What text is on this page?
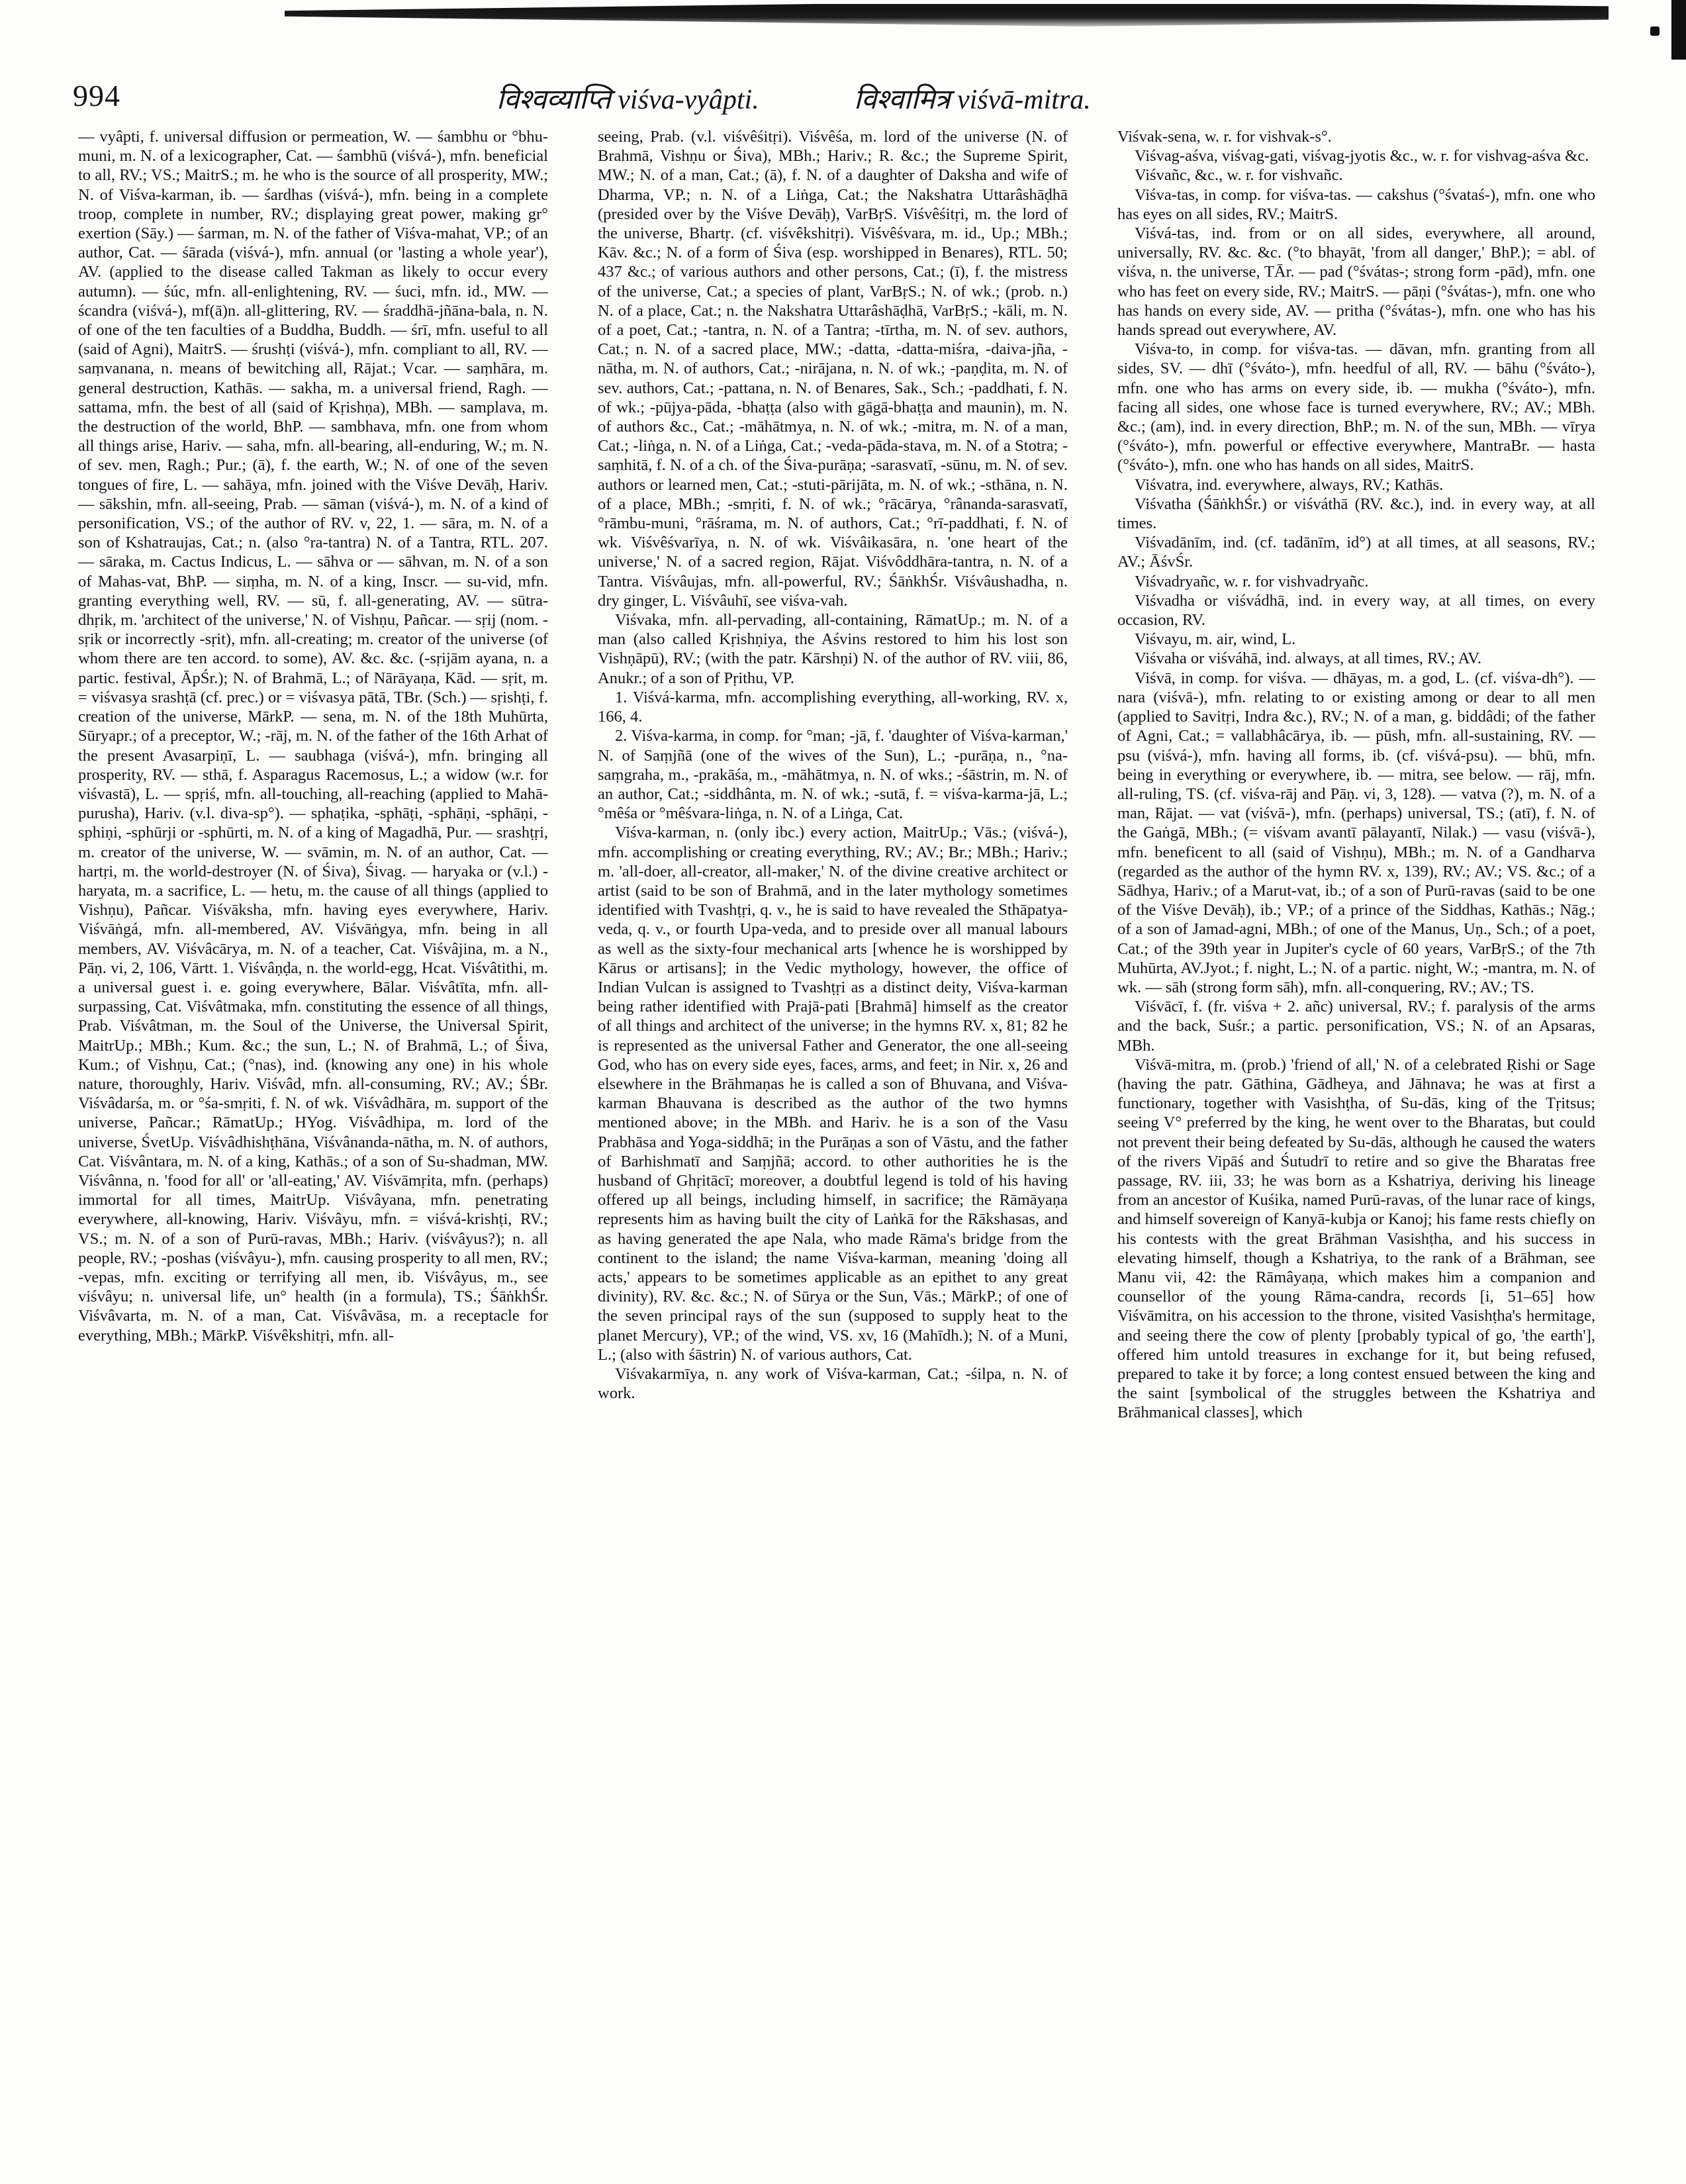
994	विश्वव्याप्ति viśva-vyâpti.	विश्वामित्र viśvā-mitra.

— vyâpti, f. universal diffusion or permeation, W. — śambhu or °bhu-muni, m. N. of a lexicographer, Cat. — śambhū (viśvá-), mfn. beneficial to all, RV.; VS.; MaitrS.; m. he who is the source of all prosperity, MW.; N. of Viśva-karman, ib. — śardhas (viśvá-), mfn. being in a complete troop, complete in number, RV.; displaying great power, making gr° exertion (Sāy.) — śarman, m. N. of the father of Viśva-mahat, VP.; of an author, Cat. — śārada (viśvá-), mfn. annual (or 'lasting a whole year'), AV. (applied to the disease called Takman as likely to occur every autumn). — śúc, mfn. all-enlightening, RV. — śuci, mfn. id., MW. — ścandra (viśvá-), mf(ā)n. all-glittering, RV. — śraddhā-jñāna-bala, n. N. of one of the ten faculties of a Buddha, Buddh. — śrī, mfn. useful to all (said of Agni), MaitrS. — śrushṭi (viśvá-), mfn. compliant to all, RV. — saṃvanana, n. means of bewitching all, Rājat.; Vcar. — saṃhāra, m. general destruction, Kathās. — sakha, m. a universal friend, Ragh. — sattama, mfn. the best of all (said of Kṛishṇa), MBh. — samplava, m. the destruction of the world, BhP. — sambhava, mfn. one from whom all things arise, Hariv. — saha, mfn. all-bearing, all-enduring, W.; m. N. of sev. men, Ragh.; Pur.; (ā), f. the earth, W.; N. of one of the seven tongues of fire, L. — sahāya, mfn. joined with the Viśve Devāḥ, Hariv. — sākshin, mfn. all-seeing, Prab. — sāman (viśvá-), m. N. of a kind of personification, VS.; of the author of RV. v, 22, 1. — sāra, m. N. of a son of Kshatraujas, Cat.; n. (also °ra-tantra) N. of a Tantra, RTL. 207. — sāraka, m. Cactus Indicus, L. — sāhva or — sāhvan, m. N. of a son of Mahas-vat, BhP. — siṃha, m. N. of a king, Inscr. — su-vid, mfn. granting everything well, RV. — sū, f. all-generating, AV. — sūtra-dhṛik, m. 'architect of the universe,' N. of Vishṇu, Pañcar. — sṛij (nom. -sṛik or incorrectly -sṛit), mfn. all-creating; m. creator of the universe (of whom there are ten accord. to some), AV. &c. &c. (-sṛijām ayana, n. a partic. festival, ĀpŚr.); N. of Brahmā, L.; of Nārāyaṇa, Kād. — sṛit, m. = viśvasya srashṭā (cf. prec.) or = viśvasya pātā, TBr. (Sch.) — sṛishṭi, f. creation of the universe, MārkP. — sena, m. N. of the 18th Muhūrta, Sūryapr.; of a preceptor, W.; -rāj, m. N. of the father of the 16th Arhat of the present Avasarpiṇī, L. — saubhaga (viśvá-), mfn. bringing all prosperity, RV. — sthā, f. Asparagus Racemosus, L.; a widow (w.r. for viśvastā), L. — spṛiś, mfn. all-touching, all-reaching (applied to Mahā-purusha), Hariv. (v.l. diva-sp°). — sphaṭika, -sphāṭi, -sphāṇi, -sphāṇi, -sphiṇi, -sphūrji or -sphūrti, m. N. of a king of Magadhā, Pur. — srashṭṛi, m. creator of the universe, W. — svāmin, m. N. of an author, Cat. — hartṛi, m. the world-destroyer (N. of Śiva), Śivag. — haryaka or (v.l.) -haryata, m. a sacrifice, L. — hetu, m. the cause of all things (applied to Vishṇu), Pañcar. Viśvāksha, mfn. having eyes everywhere, Hariv. Viśvāṅgá, mfn. all-membered, AV. Viśvāṅgya, mfn. being in all members, AV. Viśvâcārya, m. N. of a teacher, Cat. Viśvâjina, m. a N., Pāṇ. vi, 2, 106, Vārtt. 1. Viśvâṇḍa, n. the world-egg, Hcat. Viśvâtithi, m. a universal guest i. e. going everywhere, Bālar. Viśvâtīta, mfn. all-surpassing, Cat. Viśvâtmaka, mfn. constituting the essence of all things, Prab. Viśvâtman, m. the Soul of the Universe, the Universal Spirit, MaitrUp.; MBh.; Kum. &c.; the sun, L.; N. of Brahmā, L.; of Śiva, Kum.; of Vishṇu, Cat.; (°nas), ind. (knowing any one) in his whole nature, thoroughly, Hariv. Viśvâd, mfn. all-consuming, RV.; AV.; ŚBr. Viśvâdarśa, m. or °śa-smṛiti, f. N. of wk. Viśvâdhāra, m. support of the universe, Pañcar.; RāmatUp.; HYog. Viśvâdhipa, m. lord of the universe, ŚvetUp. Viśvâdhishṭhāna, Viśvânanda-nātha, m. N. of authors, Cat. Viśvântara, m. N. of a king, Kathās.; of a son of Su-shadman, MW. Viśvânna, n. 'food for all' or 'all-eating,' AV. Viśvāmṛita, mfn. (perhaps) immortal for all times, MaitrUp. Viśvâyana, mfn. penetrating everywhere, all-knowing, Hariv. Viśvâyu, mfn. = viśvá-krishṭi, RV.; VS.; m. N. of a son of Purū-ravas, MBh.; Hariv. (viśvâyus?); n. all people, RV.; -poshas (viśvâyu-), mfn. causing prosperity to all men, RV.; -vepas, mfn. exciting or terrifying all men, ib. Viśvâyus, m., see viśvâyu; n. universal life, un° health (in a formula), TS.; ŚāṅkhŚr. Viśvâvarta, m. N. of a man, Cat. Viśvâvāsa, m. a receptacle for everything, MBh.; MārkP. Viśvêkshitṛi, mfn. all-

seeing, Prab. (v.l. viśvêśitṛi). Viśvêśa, m. lord of the universe (N. of Brahmā, Vishṇu or Śiva), MBh.; Hariv.; R. &c.; the Supreme Spirit, MW.; N. of a man, Cat.; (ā), f. N. of a daughter of Daksha and wife of Dharma, VP.; n. N. of a Liṅga, Cat.; the Nakshatra Uttarâshāḍhā (presided over by the Viśve Devāḥ), VarBṛS. Viśvêśitṛi, m. the lord of the universe, Bhartṛ. (cf. viśvêkshitṛi). Viśvêśvara, m. id., Up.; MBh.; Kāv. &c.; N. of a form of Śiva (esp. worshipped in Benares), RTL. 50; 437 &c.; of various authors and other persons, Cat.; (ī), f. the mistress of the universe, Cat.; a species of plant, VarBṛS.; N. of wk.; (prob. n.) N. of a place, Cat.; n. the Nakshatra Uttarâshāḍhā, VarBṛS.; -kāli, m. N. of a poet, Cat.; -tantra, n. N. of a Tantra; -tīrtha, m. N. of sev. authors, Cat.; n. N. of a sacred place, MW.; -datta, -datta-miśra, -daiva-jña, -nātha, m. N. of authors, Cat.; -nirājana, n. N. of wk.; -paṇḍita, m. N. of sev. authors, Cat.; -pattana, n. N. of Benares, Sak., Sch.; -paddhati, f. N. of wk.; -pūjya-pāda, -bhaṭṭa (also with gāgā-bhaṭṭa and maunin), m. N. of authors &c., Cat.; -māhātmya, n. N. of wk.; -mitra, m. N. of a man, Cat.; -liṅga, n. N. of a Liṅga, Cat.; -veda-pāda-stava, m. N. of a Stotra; -saṃhitā, f. N. of a ch. of the Śiva-purāṇa; -sarasvatī, -sūnu, m. N. of sev. authors or learned men, Cat.; -stuti-pārijāta, m. N. of wk.; -sthāna, n. N. of a place, MBh.; -smṛiti, f. N. of wk.; °rācārya, °rânanda-sarasvatī, °rāmbu-muni, °rāśrama, m. N. of authors, Cat.; °rī-paddhati, f. N. of wk. Viśvêśvarīya, n. N. of wk. Viśvâikasāra, n. 'one heart of the universe,' N. of a sacred region, Rājat. Viśvôddhāra-tantra, n. N. of a Tantra. Viśvâujas, mfn. all-powerful, RV.; ŚāṅkhŚr. Viśvâushadha, n. dry ginger, L. Viśvâuhī, see viśva-vah.

Viśvaka, mfn. all-pervading, all-containing, RāmatUp.; m. N. of a man (also called Kṛishṇiya, the Aśvins restored to him his lost son Vishṇāpū), RV.; (with the patr. Kārshṇi) N. of the author of RV. viii, 86, Anukr.; of a son of Pṛithu, VP.

1. Viśvá-karma, mfn. accomplishing everything, all-working, RV. x, 166, 4.

2. Viśva-karma, in comp. for °man; -jā, f. 'daughter of Viśva-karman,' N. of Saṃjñā (one of the wives of the Sun), L.; -purāṇa, n., °na-saṃgraha, m., -prakāśa, m., -māhātmya, n. N. of wks.; -śāstrin, m. N. of an author, Cat.; -siddhânta, m. N. of wk.; -sutā, f. = viśva-karma-jā, L.; °mêśa or °mêśvara-liṅga, n. N. of a Liṅga, Cat.

Viśva-karman, n. (only ibc.) every action, MaitrUp.; Vās.; (viśvá-), mfn. accomplishing or creating everything, RV.; AV.; Br.; MBh.; Hariv.; m. 'all-doer, all-creator, all-maker,' N. of the divine creative architect or artist (said to be son of Brahmā, and in the later mythology sometimes identified with Tvashṭṛi, q. v., he is said to have revealed the Sthāpatya-veda, q. v., or fourth Upa-veda, and to preside over all manual labours as well as the sixty-four mechanical arts [whence he is worshipped by Kārus or artisans]; in the Vedic mythology, however, the office of Indian Vulcan is assigned to Tvashṭṛi as a distinct deity, Viśva-karman being rather identified with Prajā-pati [Brahmā] himself as the creator of all things and architect of the universe; in the hymns RV. x, 81; 82 he is represented as the universal Father and Generator, the one all-seeing God, who has on every side eyes, faces, arms, and feet; in Nir. x, 26 and elsewhere in the Brāhmaṇas he is called a son of Bhuvana, and Viśva-karman Bhauvana is described as the author of the two hymns mentioned above; in the MBh. and Hariv. he is a son of the Vasu Prabhāsa and Yoga-siddhā; in the Purāṇas a son of Vāstu, and the father of Barhishmatī and Saṃjñā; accord. to other authorities he is the husband of Ghṛitācī; moreover, a doubtful legend is told of his having offered up all beings, including himself, in sacrifice; the Rāmāyaṇa represents him as having built the city of Laṅkā for the Rākshasas, and as having generated the ape Nala, who made Rāma's bridge from the continent to the island; the name Viśva-karman, meaning 'doing all acts,' appears to be sometimes applicable as an epithet to any great divinity), RV. &c. &c.; N. of Sūrya or the Sun, Vās.; MārkP.; of one of the seven principal rays of the sun (supposed to supply heat to the planet Mercury), VP.; of the wind, VS. xv, 16 (Mahīdh.); N. of a Muni, L.; (also with śāstrin) N. of various authors, Cat.

Viśvakarmīya, n. any work of Viśva-karman, Cat.; -śilpa, n. N. of work.

Viśvak-sena, w. r. for vishvak-s°.

Viśvag-aśva, viśvag-gati, viśvag-jyotis &c., w. r. for vishvag-aśva &c.

Viśvañc, &c., w. r. for vishvañc.

Viśva-tas, in comp. for viśva-tas. — cakshus (°śvataś-), mfn. one who has eyes on all sides, RV.; MaitrS.

Viśvá-tas, ind. from or on all sides, everywhere, all around, universally, RV. &c. &c. (°to bhayāt, 'from all danger,' BhP.); = abl. of viśva, n. the universe, TĀr. — pad (°śvátas-; strong form -pād), mfn. one who has feet on every side, RV.; MaitrS. — pāṇi (°śvátas-), mfn. one who has hands on every side, AV. — pritha (°śvátas-), mfn. one who has his hands spread out everywhere, AV.

Viśva-to, in comp. for viśva-tas. — dāvan, mfn. granting from all sides, SV. — dhī (°śváto-), mfn. heedful of all, RV. — bāhu (°śváto-), mfn. one who has arms on every side, ib. — mukha (°śváto-), mfn. facing all sides, one whose face is turned everywhere, RV.; AV.; MBh. &c.; (am), ind. in every direction, BhP.; m. N. of the sun, MBh. — vīrya (°śváto-), mfn. powerful or effective everywhere, MantraBr. — hasta (°śváto-), mfn. one who has hands on all sides, MaitrS.

Viśvatra, ind. everywhere, always, RV.; Kathās.

Viśvatha (ŚāṅkhŚr.) or viśváthā (RV. &c.), ind. in every way, at all times.

Viśvadānīm, ind. (cf. tadānīm, id°) at all times, at all seasons, RV.; AV.; ĀśvŚr.

Viśvadryañc, w. r. for vishvadryañc.

Viśvadha or viśvádhā, ind. in every way, at all times, on every occasion, RV.

Viśvayu, m. air, wind, L.

Viśvaha or viśváhā, ind. always, at all times, RV.; AV.

Viśvā, in comp. for viśva. — dhāyas, m. a god, L. (cf. viśva-dh°). — nara (viśvā-), mfn. relating to or existing among or dear to all men (applied to Savitṛi, Indra &c.), RV.; N. of a man, g. biddâdi; of the father of Agni, Cat.; = vallabhâcārya, ib. — pūsh, mfn. all-sustaining, RV. — psu (viśvá-), mfn. having all forms, ib. (cf. viśvá-psu). — bhū, mfn. being in everything or everywhere, ib. — mitra, see below. — rāj, mfn. all-ruling, TS. (cf. viśva-rāj and Pāṇ. vi, 3, 128). — vatva (?), m. N. of a man, Rājat. — vat (viśvā-), mfn. (perhaps) universal, TS.; (atī), f. N. of the Gaṅgā, MBh.; (= viśvam avantī pālayantī, Nilak.) — vasu (viśvā-), mfn. beneficent to all (said of Vishṇu), MBh.; m. N. of a Gandharva (regarded as the author of the hymn RV. x, 139), RV.; AV.; VS. &c.; of a Sādhya, Hariv.; of a Marut-vat, ib.; of a son of Purū-ravas (said to be one of the Viśve Devāḥ), ib.; VP.; of a prince of the Siddhas, Kathās.; Nāg.; of a son of Jamad-agni, MBh.; of one of the Manus, Uṇ., Sch.; of a poet, Cat.; of the 39th year in Jupiter's cycle of 60 years, VarBṛS.; of the 7th Muhūrta, AV.Jyot.; f. night, L.; N. of a partic. night, W.; -mantra, m. N. of wk. — sāh (strong form sāh), mfn. all-conquering, RV.; AV.; TS.

Viśvācī, f. (fr. viśva + 2. añc) universal, RV.; f. paralysis of the arms and the back, Suśr.; a partic. personification, VS.; N. of an Apsaras, MBh.

Viśvā-mitra, m. (prob.) 'friend of all,' N. of a celebrated Ṛishi or Sage (having the patr. Gāthina, Gādheya, and Jāhnava; he was at first a functionary, together with Vasishṭha, of Su-dās, king of the Tṛitsus; seeing V° preferred by the king, he went over to the Bharatas, but could not prevent their being defeated by Su-dās, although he caused the waters of the rivers Vipāś and Śutudrī to retire and so give the Bharatas free passage, RV. iii, 33; he was born as a Kshatriya, deriving his lineage from an ancestor of Kuśika, named Purū-ravas, of the lunar race of kings, and himself sovereign of Kanyā-kubja or Kanoj; his fame rests chiefly on his contests with the great Brāhman Vasishṭha, and his success in elevating himself, though a Kshatriya, to the rank of a Brāhman, see Manu vii, 42: the Rāmâyaṇa, which makes him a companion and counsellor of the young Rāma-candra, records [i, 51–65] how Viśvāmitra, on his accession to the throne, visited Vasishṭha's hermitage, and seeing there the cow of plenty [probably typical of go, 'the earth'], offered him untold treasures in exchange for it, but being refused, prepared to take it by force; a long contest ensued between the king and the saint [symbolical of the struggles between the Kshatriya and Brāhmanical classes], which
